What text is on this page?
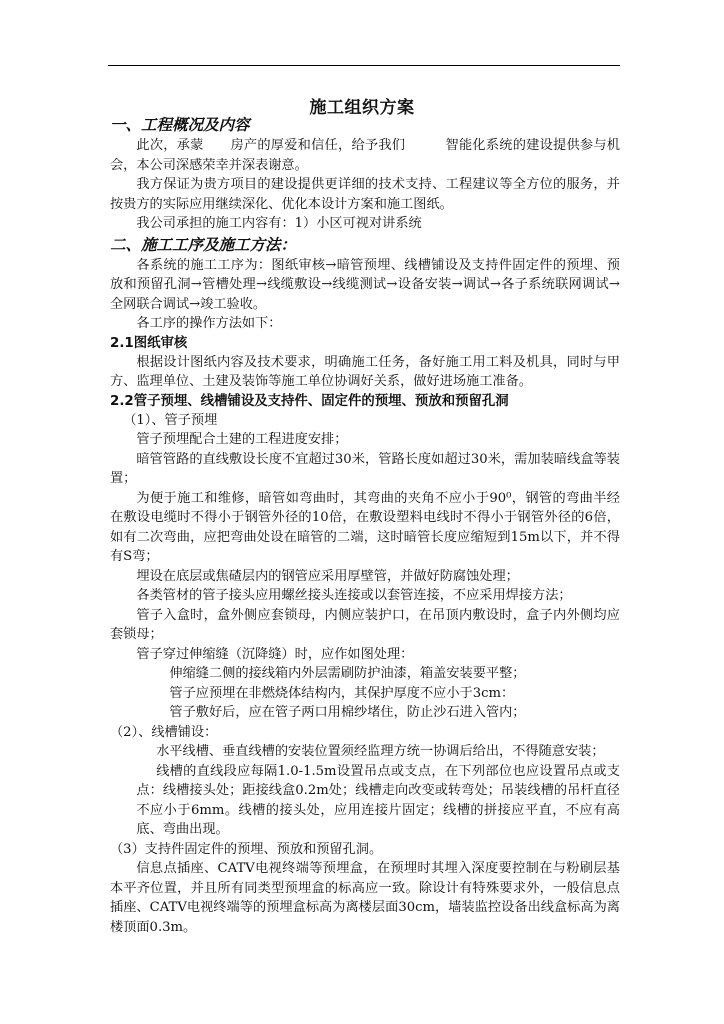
施工组织方案

一、工程概况及内容

此次，承蒙　　房产的厚爱和信任，给予我们　　　智能化系统的建设提供参与机会，本公司深感荣幸并深表谢意。

我方保证为贵方项目的建设提供更详细的技术支持、工程建议等全方位的服务，并按贵方的实际应用继续深化、优化本设计方案和施工图纸。

我公司承担的施工内容有：1）小区可视对讲系统

二、施工工序及施工方法：

各系统的施工工序为：图纸审核→暗管预埋、线槽铺设及支持件固定件的预埋、预放和预留孔洞→管槽处理→线缆敷设→线缆测试→设备安装→调试→各子系统联网调试→全网联合调试→竣工验收。

各工序的操作方法如下：

2.1图纸审核

根据设计图纸内容及技术要求，明确施工任务，备好施工用工料及机具，同时与甲方、监理单位、土建及装饰等施工单位协调好关系，做好进场施工准备。

2.2管子预埋、线槽铺设及支持件、固定件的预埋、预放和预留孔洞

（1）、管子预埋

管子预埋配合土建的工程进度安排；

暗管管路的直线敷设长度不宜超过30米，管路长度如超过30米，需加装暗线盒等装置；

为便于施工和维修，暗管如弯曲时，其弯曲的夹角不应小于90⁰，钢管的弯曲半经在敷设电缆时不得小于钢管外径的10倍，在敷设塑料电线时不得小于钢管外径的6倍，如有二次弯曲，应把弯曲处设在暗管的二端，这时暗管长度应缩短到15m以下，并不得有S弯；

埋设在底层或焦碴层内的钢管应采用厚壁管，并做好防腐蚀处理；

各类管材的管子接头应用螺丝接头连接或以套管连接，不应采用焊接方法；

管子入盒时，盒外侧应套锁母，内侧应装护口，在吊顶内敷设时，盒子内外侧均应套锁母；

管子穿过伸缩缝（沉降缝）时，应作如图处理：

伸缩缝二侧的接线箱内外层需刷防护油漆，箱盖安装要平整；

管子应预埋在非燃烧体结构内，其保护厚度不应小于3cm：

管子敷好后，应在管子两口用棉纱堵住，防止沙石进入管内；

（2）、线槽铺设：

水平线槽、垂直线槽的安装位置须经监理方统一协调后给出，不得随意安装；

线槽的直线段应每隔1.0-1.5m设置吊点或支点，在下列部位也应设置吊点或支点：线槽接头处；距接线盒0.2m处；线槽走向改变或转弯处；吊装线槽的吊杆直径不应小于6mm。线槽的接头处，应用连接片固定；线槽的拼接应平直，不应有高底、弯曲出现。

（3）支持件固定件的预埋、预放和预留孔洞。

信息点插座、CATV电视终端等预埋盒，在预埋时其埋入深度要控制在与粉刷层基本平齐位置，并且所有同类型预埋盒的标高应一致。除设计有特殊要求外，一般信息点插座、CATV电视终端等的预埋盒标高为离楼层面30cm，墙装监控设备出线盒标高为离楼顶面0.3m。
